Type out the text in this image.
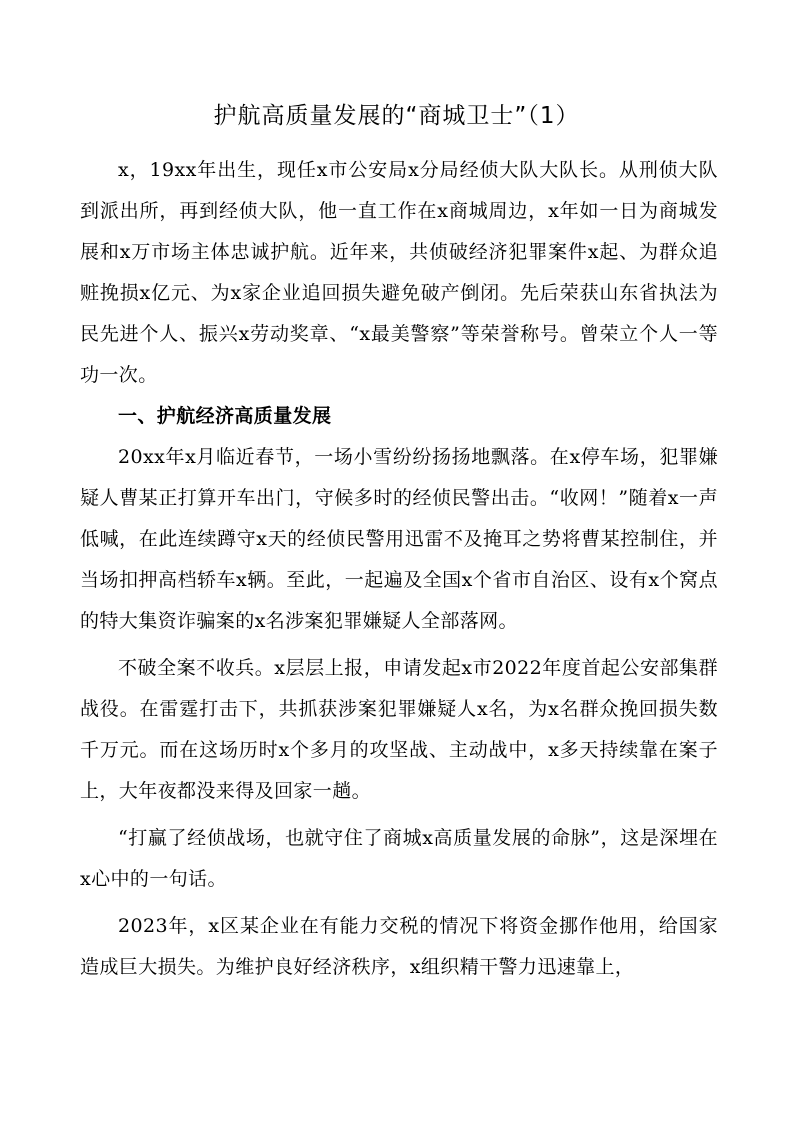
护航高质量发展的“商城卫士”（1）

x，19xx年出生，现任x市公安局x分局经侦大队大队长。从刑侦大队到派出所，再到经侦大队，他一直工作在x商城周边，x年如一日为商城发展和x万市场主体忠诚护航。近年来，共侦破经济犯罪案件x起、为群众追赃挽损x亿元、为x家企业追回损失避免破产倒闭。先后荣获山东省执法为民先进个人、振兴x劳动奖章、“x最美警察”等荣誉称号。曾荣立个人一等功一次。

一、护航经济高质量发展

20xx年x月临近春节，一场小雪纷纷扬扬地飘落。在x停车场，犯罪嫌疑人曹某正打算开车出门，守候多时的经侦民警出击。“收网！”随着x一声低喊，在此连续蹲守x天的经侦民警用迅雷不及掩耳之势将曹某控制住，并当场扣押高档轿车x辆。至此，一起遍及全国x个省市自治区、设有x个窝点的特大集资诈骗案的x名涉案犯罪嫌疑人全部落网。

不破全案不收兵。x层层上报，申请发起x市2022年度首起公安部集群战役。在雷霆打击下，共抓获涉案犯罪嫌疑人x名，为x名群众挽回损失数千万元。而在这场历时x个多月的攻坚战、主动战中，x多天持续靠在案子上，大年夜都没来得及回家一趟。

“打赢了经侦战场，也就守住了商城x高质量发展的命脉”，这是深埋在x心中的一句话。

2023年，x区某企业在有能力交税的情况下将资金挪作他用，给国家造成巨大损失。为维护良好经济秩序，x组织精干警力迅速靠上，
